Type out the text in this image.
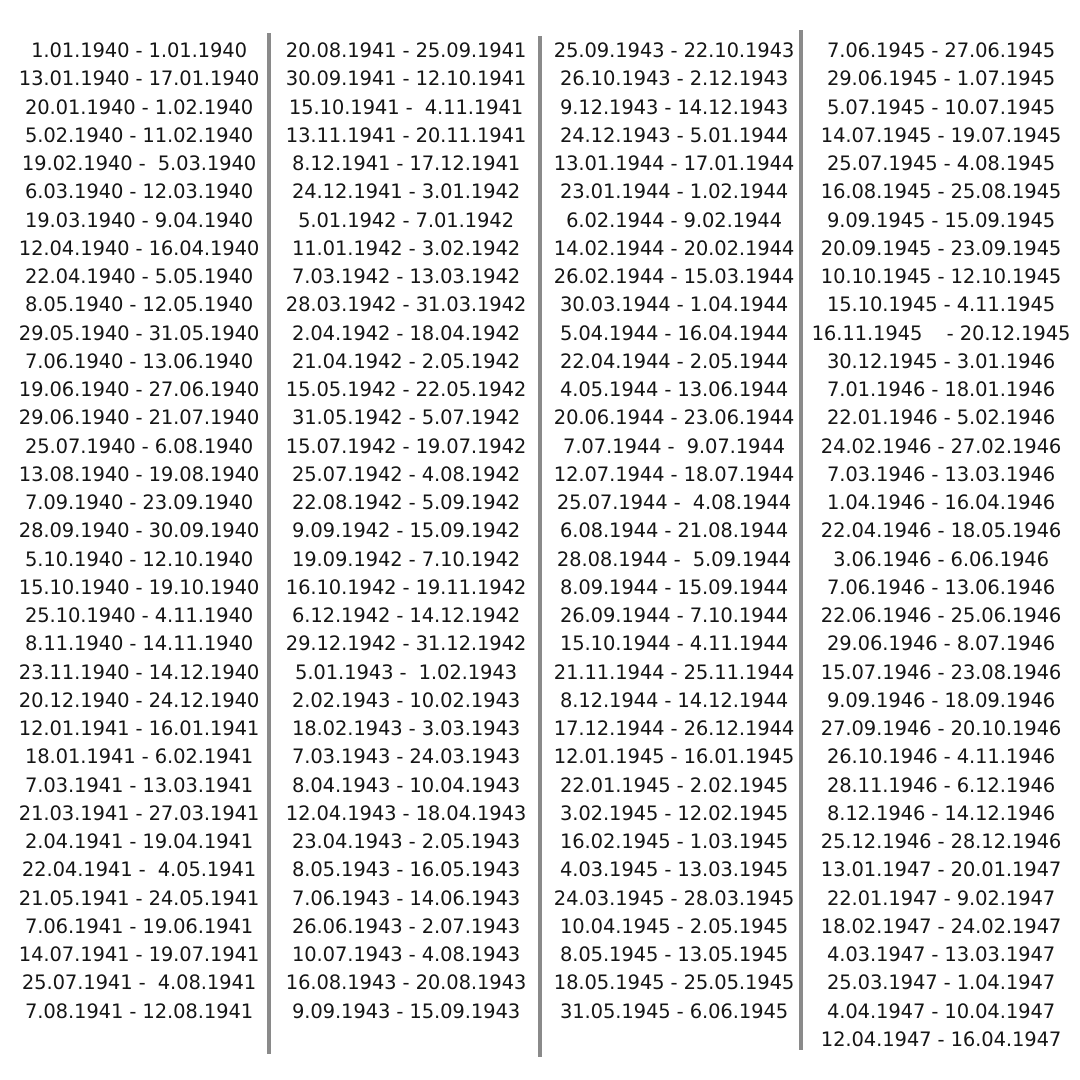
1.01.1940 - 1.01.1940
13.01.1940 - 17.01.1940
20.01.1940 - 1.02.1940
5.02.1940 - 11.02.1940
19.02.1940 -  5.03.1940
6.03.1940 - 12.03.1940
19.03.1940 - 9.04.1940
12.04.1940 - 16.04.1940
22.04.1940 - 5.05.1940
8.05.1940 - 12.05.1940
29.05.1940 - 31.05.1940
7.06.1940 - 13.06.1940
19.06.1940 - 27.06.1940
29.06.1940 - 21.07.1940
25.07.1940 - 6.08.1940
13.08.1940 - 19.08.1940
7.09.1940 - 23.09.1940
28.09.1940 - 30.09.1940
5.10.1940 - 12.10.1940
15.10.1940 - 19.10.1940
25.10.1940 - 4.11.1940
8.11.1940 - 14.11.1940
23.11.1940 - 14.12.1940
20.12.1940 - 24.12.1940
12.01.1941 - 16.01.1941
18.01.1941 - 6.02.1941
7.03.1941 - 13.03.1941
21.03.1941 - 27.03.1941
2.04.1941 - 19.04.1941
22.04.1941 -  4.05.1941
21.05.1941 - 24.05.1941
7.06.1941 - 19.06.1941
14.07.1941 - 19.07.1941
25.07.1941 -  4.08.1941
7.08.1941 - 12.08.1941
20.08.1941 - 25.09.1941
30.09.1941 - 12.10.1941
15.10.1941 -  4.11.1941
13.11.1941 - 20.11.1941
8.12.1941 - 17.12.1941
24.12.1941 - 3.01.1942
5.01.1942 - 7.01.1942
11.01.1942 - 3.02.1942
7.03.1942 - 13.03.1942
28.03.1942 - 31.03.1942
2.04.1942 - 18.04.1942
21.04.1942 - 2.05.1942
15.05.1942 - 22.05.1942
31.05.1942 - 5.07.1942
15.07.1942 - 19.07.1942
25.07.1942 - 4.08.1942
22.08.1942 - 5.09.1942
9.09.1942 - 15.09.1942
19.09.1942 - 7.10.1942
16.10.1942 - 19.11.1942
6.12.1942 - 14.12.1942
29.12.1942 - 31.12.1942
5.01.1943 -  1.02.1943
2.02.1943 - 10.02.1943
18.02.1943 - 3.03.1943
7.03.1943 - 24.03.1943
8.04.1943 - 10.04.1943
12.04.1943 - 18.04.1943
23.04.1943 - 2.05.1943
8.05.1943 - 16.05.1943
7.06.1943 - 14.06.1943
26.06.1943 - 2.07.1943
10.07.1943 - 4.08.1943
16.08.1943 - 20.08.1943
9.09.1943 - 15.09.1943
25.09.1943 - 22.10.1943
26.10.1943 - 2.12.1943
9.12.1943 - 14.12.1943
24.12.1943 - 5.01.1944
13.01.1944 - 17.01.1944
23.01.1944 - 1.02.1944
6.02.1944 - 9.02.1944
14.02.1944 - 20.02.1944
26.02.1944 - 15.03.1944
30.03.1944 - 1.04.1944
5.04.1944 - 16.04.1944
22.04.1944 - 2.05.1944
4.05.1944 - 13.06.1944
20.06.1944 - 23.06.1944
7.07.1944 -  9.07.1944
12.07.1944 - 18.07.1944
25.07.1944 -  4.08.1944
6.08.1944 - 21.08.1944
28.08.1944 -  5.09.1944
8.09.1944 - 15.09.1944
26.09.1944 - 7.10.1944
15.10.1944 - 4.11.1944
21.11.1944 - 25.11.1944
8.12.1944 - 14.12.1944
17.12.1944 - 26.12.1944
12.01.1945 - 16.01.1945
22.01.1945 - 2.02.1945
3.02.1945 - 12.02.1945
16.02.1945 - 1.03.1945
4.03.1945 - 13.03.1945
24.03.1945 - 28.03.1945
10.04.1945 - 2.05.1945
8.05.1945 - 13.05.1945
18.05.1945 - 25.05.1945
31.05.1945 - 6.06.1945
7.06.1945 - 27.06.1945
29.06.1945 - 1.07.1945
5.07.1945 - 10.07.1945
14.07.1945 - 19.07.1945
25.07.1945 - 4.08.1945
16.08.1945 - 25.08.1945
9.09.1945 - 15.09.1945
20.09.1945 - 23.09.1945
10.10.1945 - 12.10.1945
15.10.1945 - 4.11.1945
16.11.1945    - 20.12.1945
30.12.1945 - 3.01.1946
7.01.1946 - 18.01.1946
22.01.1946 - 5.02.1946
24.02.1946 - 27.02.1946
7.03.1946 - 13.03.1946
1.04.1946 - 16.04.1946
22.04.1946 - 18.05.1946
3.06.1946 - 6.06.1946
7.06.1946 - 13.06.1946
22.06.1946 - 25.06.1946
29.06.1946 - 8.07.1946
15.07.1946 - 23.08.1946
9.09.1946 - 18.09.1946
27.09.1946 - 20.10.1946
26.10.1946 - 4.11.1946
28.11.1946 - 6.12.1946
8.12.1946 - 14.12.1946
25.12.1946 - 28.12.1946
13.01.1947 - 20.01.1947
22.01.1947 - 9.02.1947
18.02.1947 - 24.02.1947
4.03.1947 - 13.03.1947
25.03.1947 - 1.04.1947
4.04.1947 - 10.04.1947
12.04.1947 - 16.04.1947
